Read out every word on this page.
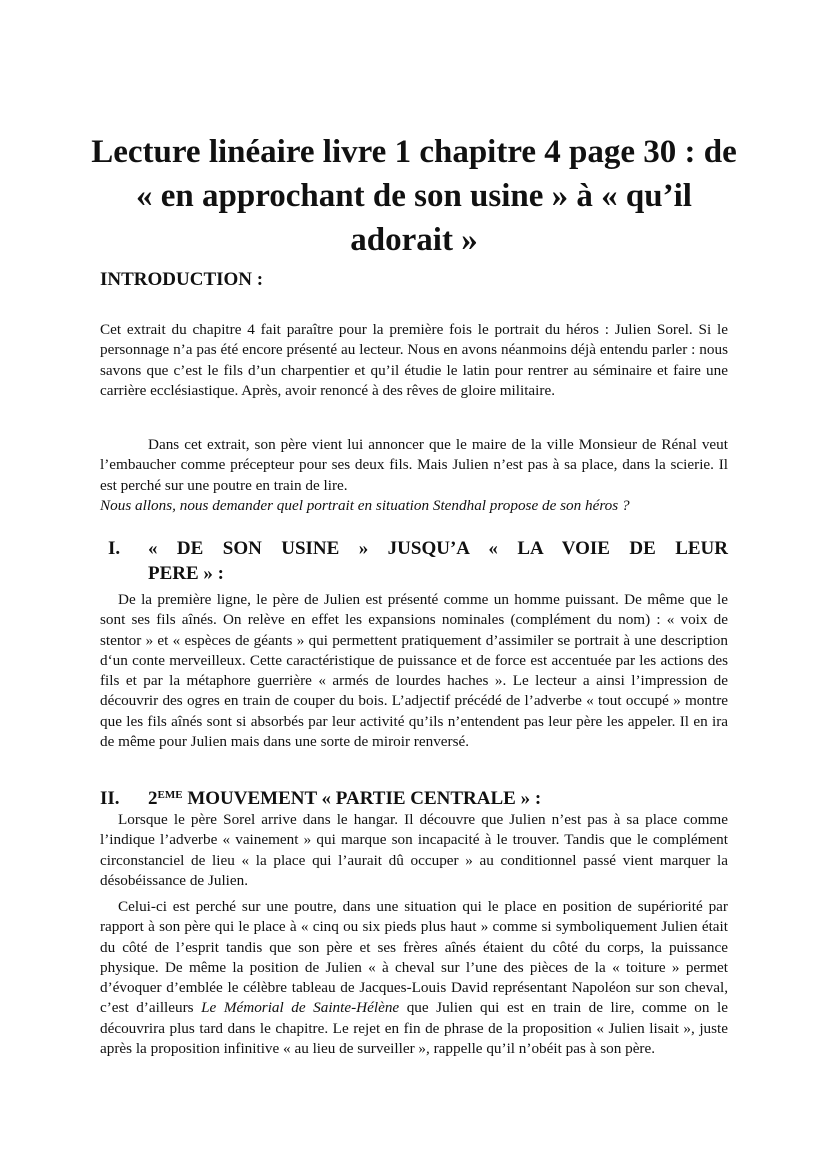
Lecture linéaire livre 1 chapitre 4 page 30 : de « en approchant de son usine » à « qu’il adorait »
INTRODUCTION :

Cet extrait du chapitre 4 fait paraître pour la première fois le portrait du héros : Julien Sorel. Si le personnage n’a pas été encore présenté au lecteur. Nous en avons néanmoins déjà entendu parler : nous savons que c’est le fils d’un charpentier et qu’il étudie le latin pour rentrer au séminaire et faire une carrière ecclésiastique. Après, avoir renoncé à des rêves de gloire militaire.

Dans cet extrait, son père vient lui annoncer que le maire de la ville Monsieur de Rénal veut l’embaucher comme précepteur pour ses deux fils. Mais Julien n’est pas à sa place, dans la scierie. Il est perché sur une poutre en train de lire.

Nous allons, nous demander quel portrait en situation Stendhal propose de son héros ?

I. « DE SON USINE » JUSQU’A « LA VOIE DE LEUR
PERE » :

De la première ligne, le père de Julien est présenté comme un homme puissant. De même que le sont ses fils aînés. On relève en effet les expansions nominales (complément du nom) : « voix de stentor » et « espèces de géants » qui permettent pratiquement d’assimiler se portrait à une description d‘un conte merveilleux. Cette caractéristique de puissance et de force est accentuée par les actions des fils et par la métaphore guerrière « armés de lourdes haches ». Le lecteur a ainsi l’impression de découvrir des ogres en train de couper du bois. L’adjectif précédé de l’adverbe « tout occupé » montre que les fils aînés sont si absorbés par leur activité qu’ils n’entendent pas leur père les appeler. Il en ira de même pour Julien mais dans une sorte de miroir renversé.

II. 2EME MOUVEMENT « PARTIE CENTRALE » :

Lorsque le père Sorel arrive dans le hangar. Il découvre que Julien n’est pas à sa place comme l’indique l’adverbe « vainement » qui marque son incapacité à le trouver. Tandis que le complément circonstanciel de lieu « la place qui l’aurait dû occuper » au conditionnel passé vient marquer la désobéissance de Julien.

Celui-ci est perché sur une poutre, dans une situation qui le place en position de supériorité par rapport à son père qui le place à « cinq ou six pieds plus haut » comme si symboliquement Julien était du côté de l’esprit tandis que son père et ses frères aînés étaient du côté du corps, la puissance physique. De même la position de Julien « à cheval sur l’une des pièces de la « toiture » permet d’évoquer d’emblée le célèbre tableau de Jacques-Louis David représentant Napoléon sur son cheval, c’est d’ailleurs Le Mémorial de Sainte-Hélène que Julien qui est en train de lire, comme on le découvrira plus tard dans le chapitre. Le rejet en fin de phrase de la proposition « Julien lisait », juste après la proposition infinitive « au lieu de surveiller », rappelle qu’il n’obéit pas à son père.
